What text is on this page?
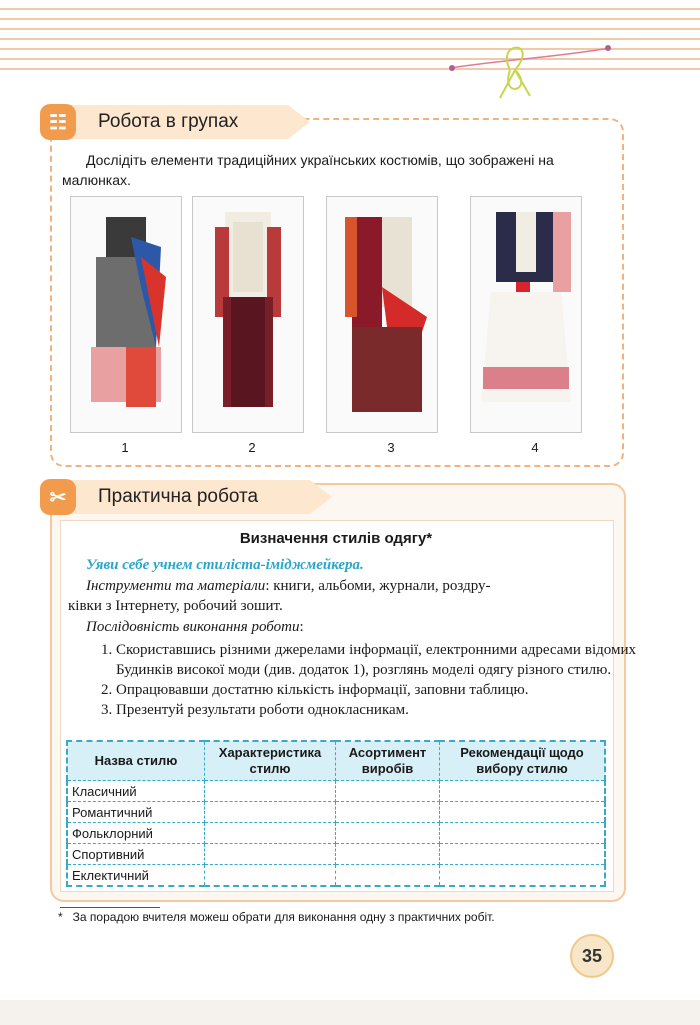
Робота в групах
☷
Дослідіть елементи традиційних українських костюмів, що зображені на малюнках.
1	2	3	4
Практична робота
✂
Визначення стилів одягу*
Уяви себе учнем стиліста-іміджмейкера.
Інструменти та матеріали: книги, альбоми, журнали, роздру-
ківки з Інтернету, робочий зошит.
Послідовність виконання роботи:
1. Скориставшись різними джерелами інформації, електронними адресами відомих Будинків високої моди (див. додаток 1), розглянь моделі одягу різного стилю.
2. Опрацювавши достатню кількість інформації, заповни таблицю.
3. Презентуй результати роботи однокласникам.
Назва стилю	Характеристика стилю	Асортимент виробів	Рекомендації щодо вибору стилю
Класичний			
Романтичний			
Фольклорний			
Спортивний			
Еклектичний			
* За порадою вчителя можеш обрати для виконання одну з практичних робіт.
35
